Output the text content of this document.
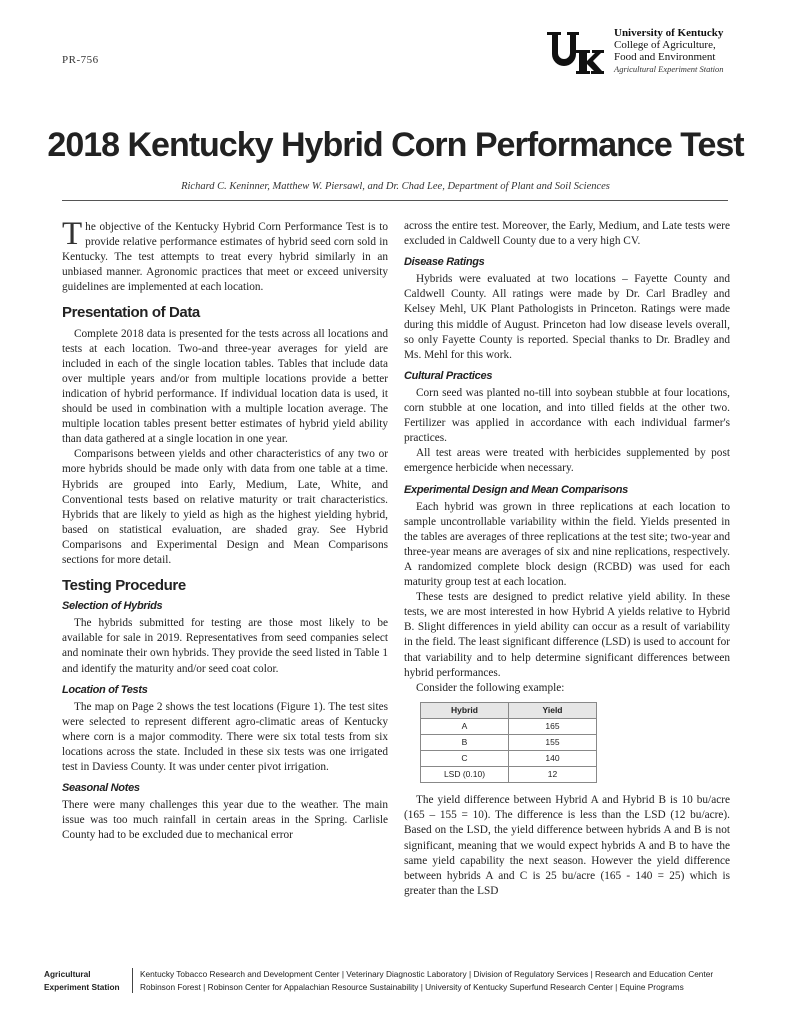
PR-756
University of Kentucky
College of Agriculture,
Food and Environment
Agricultural Experiment Station
2018 Kentucky Hybrid Corn Performance Test
Richard C. Keninner, Matthew W. Piersawl, and Dr. Chad Lee, Department of Plant and Soil Sciences

The objective of the Kentucky Hybrid Corn Performance Test is to provide relative performance estimates of hybrid seed corn sold in Kentucky. The test attempts to treat every hybrid similarly in an unbiased manner. Agronomic practices that meet or exceed university guidelines are implemented at each location.

Presentation of Data

Complete 2018 data is presented for the tests across all locations and tests at each location. Two-and three-year averages for yield are included in each of the single location tables. Tables that include data over multiple years and/or from multiple locations provide a better indication of hybrid performance. If individual location data is used, it should be used in combination with a multiple location average. The multiple location tables present better estimates of hybrid yield ability than data gathered at a single location in one year.

Comparisons between yields and other characteristics of any two or more hybrids should be made only with data from one table at a time. Hybrids are grouped into Early, Medium, Late, White, and Conventional tests based on relative maturity or trait characteristics. Hybrids that are likely to yield as high as the highest yielding hybrid, based on statistical evaluation, are shaded gray. See Hybrid Comparisons and Experimental Design and Mean Comparisons sections for more detail.

Testing Procedure
Selection of Hybrids

The hybrids submitted for testing are those most likely to be available for sale in 2019. Representatives from seed companies select and nominate their own hybrids. They provide the seed listed in Table 1 and identify the maturity and/or seed coat color.

Location of Tests

The map on Page 2 shows the test locations (Figure 1). The test sites were selected to represent different agro-climatic areas of Kentucky where corn is a major commodity. There were six total tests from six locations across the state. Included in these six tests was one irrigated test in Daviess County. It was under center pivot irrigation.

Seasonal Notes

There were many challenges this year due to the weather. The main issue was too much rainfall in certain areas in the Spring. Carlisle County had to be excluded due to mechanical error

across the entire test. Moreover, the Early, Medium, and Late tests were excluded in Caldwell County due to a very high CV.

Disease Ratings

Hybrids were evaluated at two locations – Fayette County and Caldwell County. All ratings were made by Dr. Carl Bradley and Kelsey Mehl, UK Plant Pathologists in Princeton. Ratings were made during this middle of August. Princeton had low disease levels overall, so only Fayette County is reported. Special thanks to Dr. Bradley and Ms. Mehl for this work.

Cultural Practices

Corn seed was planted no-till into soybean stubble at four locations, corn stubble at one location, and into tilled fields at the other two. Fertilizer was applied in accordance with each individual farmer's practices.

All test areas were treated with herbicides supplemented by post emergence herbicide when necessary.

Experimental Design and Mean Comparisons

Each hybrid was grown in three replications at each location to sample uncontrollable variability within the field. Yields presented in the tables are averages of three replications at the test site; two-year and three-year means are averages of six and nine replications, respectively. A randomized complete block design (RCBD) was used for each maturity group test at each location.

These tests are designed to predict relative yield ability. In these tests, we are most interested in how Hybrid A yields relative to Hybrid B. Slight differences in yield ability can occur as a result of variability in the field. The least significant difference (LSD) is used to account for that variability and to help determine significant differences between hybrid performances.

Consider the following example:

Hybrid	Yield
A	165
B	155
C	140
LSD (0.10)	12

The yield difference between Hybrid A and Hybrid B is 10 bu/acre (165 – 155 = 10). The difference is less than the LSD (12 bu/acre). Based on the LSD, the yield difference between hybrids A and B is not significant, meaning that we would expect hybrids A and B to have the same yield capability the next season. However the yield difference between hybrids A and C is 25 bu/acre (165 - 140 = 25) which is greater than the LSD

Agricultural
Experiment Station
Kentucky Tobacco Research and Development Center | Veterinary Diagnostic Laboratory | Division of Regulatory Services | Research and Education Center
Robinson Forest | Robinson Center for Appalachian Resource Sustainability | University of Kentucky Superfund Research Center | Equine Programs
